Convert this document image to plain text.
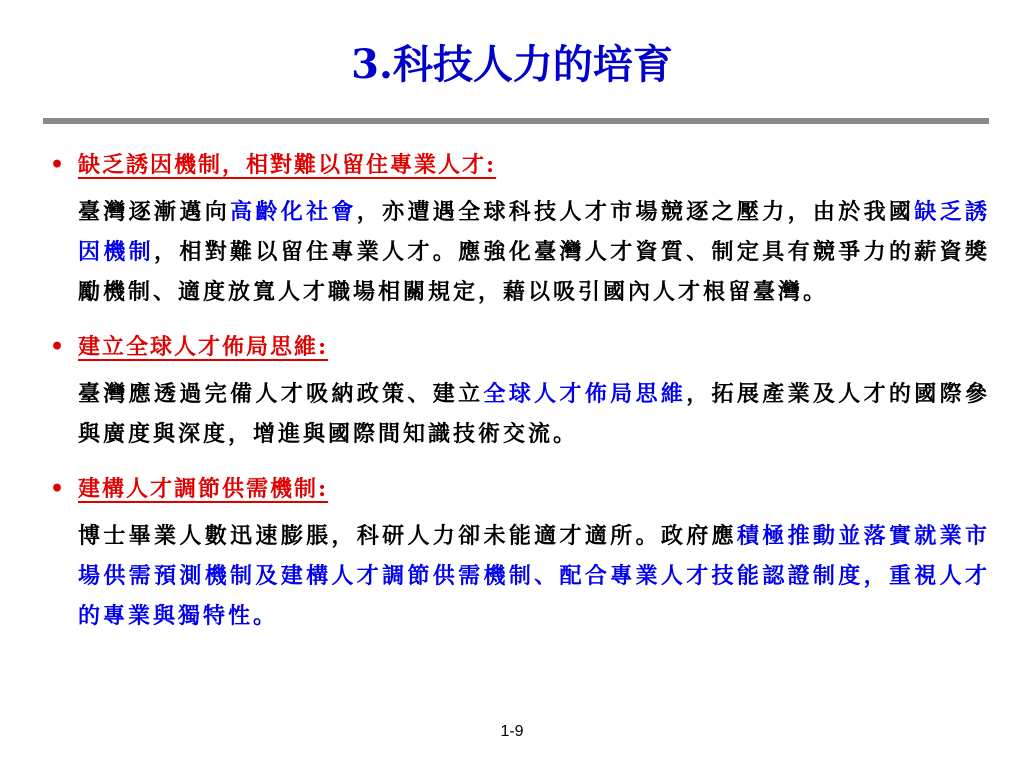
3.科技人力的培育
• 缺乏誘因機制，相對難以留住專業人才:
臺灣逐漸邁向高齡化社會，亦遭遇全球科技人才市場競逐之壓力，由於我國缺乏誘因機制，相對難以留住專業人才。應強化臺灣人才資質、制定具有競爭力的薪資獎勵機制、適度放寬人才職場相關規定，藉以吸引國內人才根留臺灣。
• 建立全球人才佈局思維:
臺灣應透過完備人才吸納政策、建立全球人才佈局思維，拓展產業及人才的國際參與廣度與深度，增進與國際間知識技術交流。
• 建構人才調節供需機制:
博士畢業人數迅速膨脹，科研人力卻未能適才適所。政府應積極推動並落實就業市場供需預測機制及建構人才調節供需機制、配合專業人才技能認證制度，重視人才的專業與獨特性。
1-9
